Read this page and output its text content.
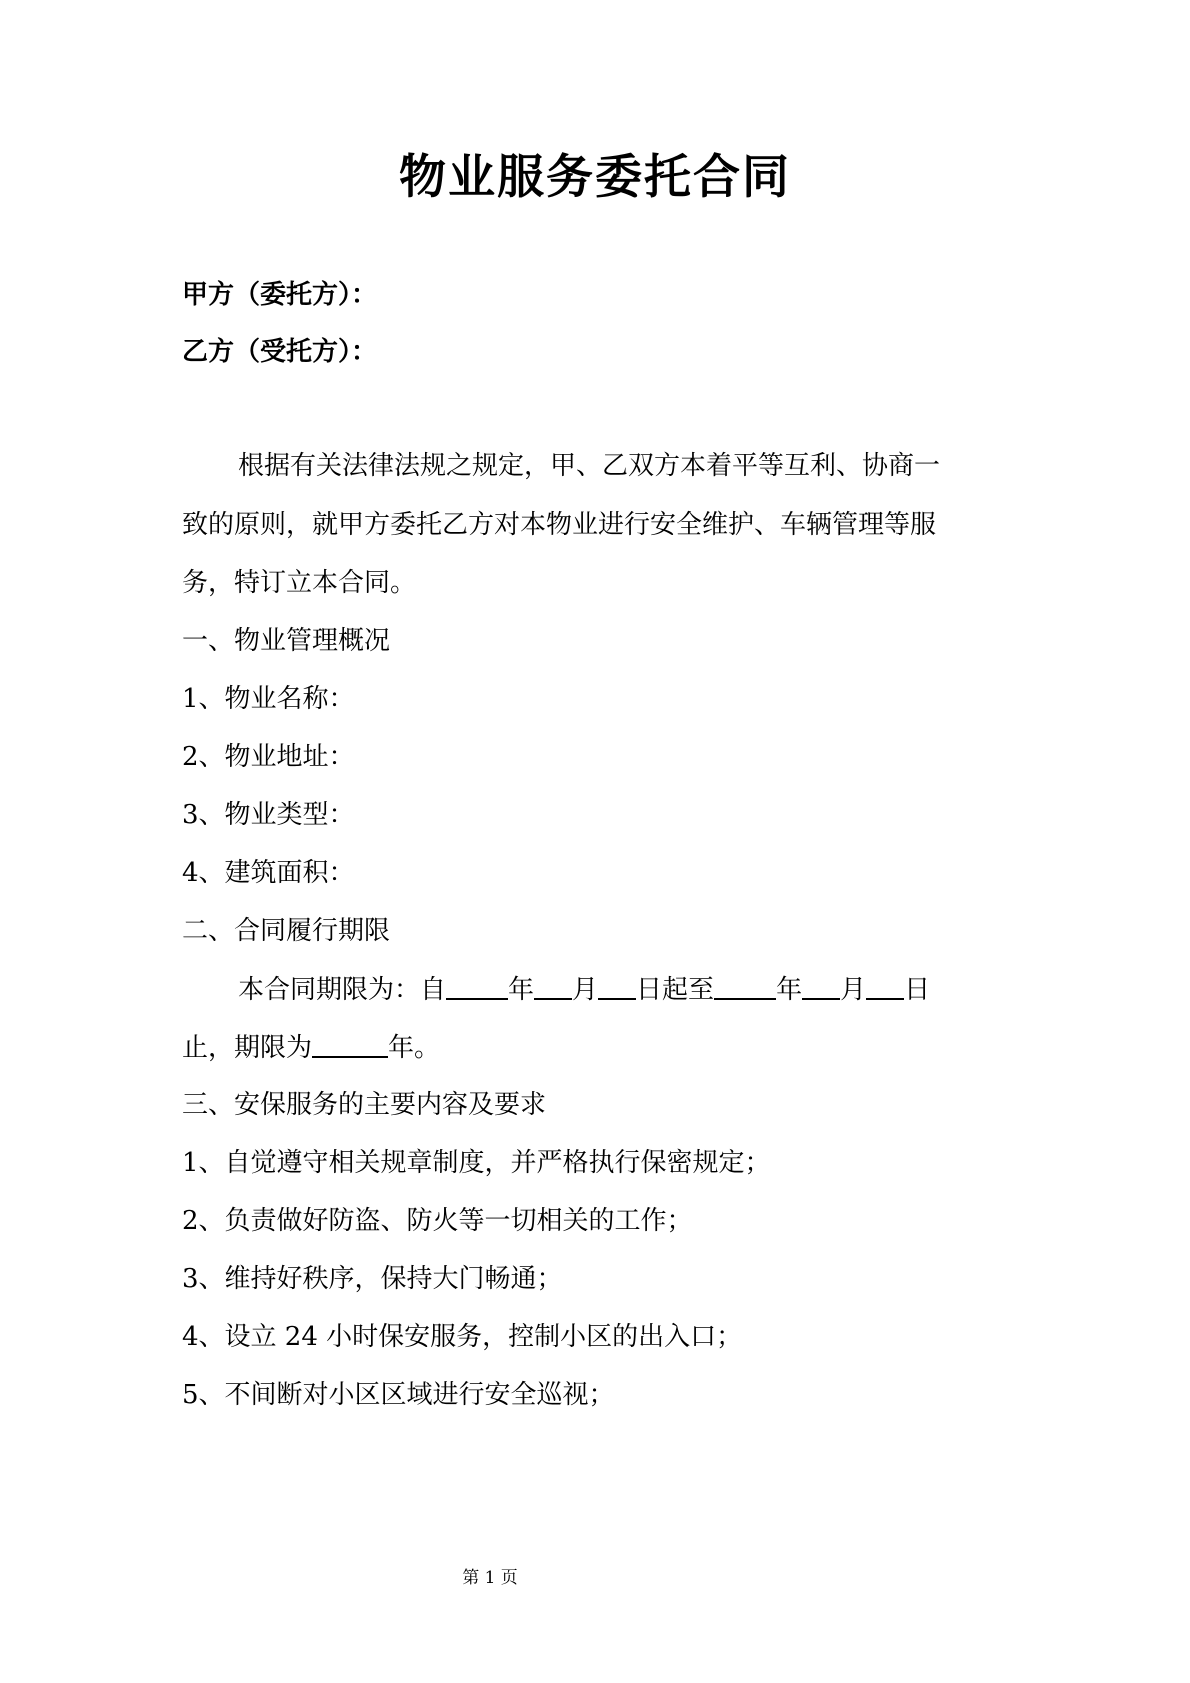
物业服务委托合同
甲方（委托方）：
乙方（受托方）：
根据有关法律法规之规定，甲、乙双方本着平等互利、协商一
致的原则，就甲方委托乙方对本物业进行安全维护、车辆管理等服
务，特订立本合同。
一、物业管理概况
1、物业名称：
2、物业地址：
3、物业类型：
4、建筑面积：
二、合同履行期限
本合同期限为：自 年 月 日起至 年 月 日
止，期限为	年。
三、安保服务的主要内容及要求
1、自觉遵守相关规章制度，并严格执行保密规定；
2、负责做好防盗、防火等一切相关的工作；
3、维持好秩序，保持大门畅通；
4、设立 24 小时保安服务，控制小区的出入口；
5、不间断对小区区域进行安全巡视；
第 1 页
